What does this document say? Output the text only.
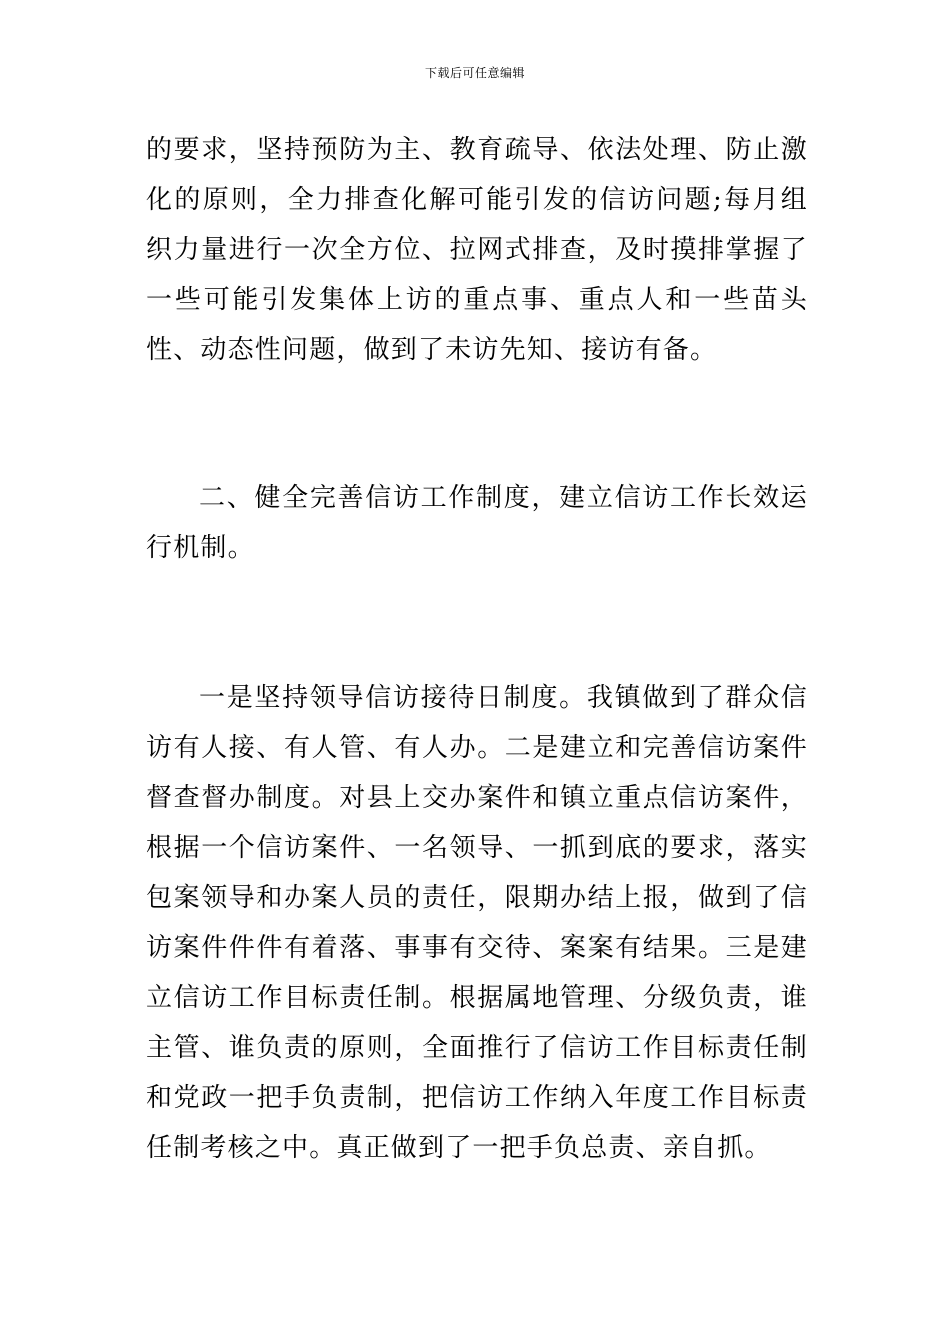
下载后可任意编辑

的要求，坚持预防为主、教育疏导、依法处理、防止激化的原则，全力排查化解可能引发的信访问题;每月组织力量进行一次全方位、拉网式排查，及时摸排掌握了一些可能引发集体上访的重点事、重点人和一些苗头性、动态性问题，做到了未访先知、接访有备。

二、健全完善信访工作制度，建立信访工作长效运行机制。

一是坚持领导信访接待日制度。我镇做到了群众信访有人接、有人管、有人办。二是建立和完善信访案件督查督办制度。对县上交办案件和镇立重点信访案件，根据一个信访案件、一名领导、一抓到底的要求，落实包案领导和办案人员的责任，限期办结上报，做到了信访案件件件有着落、事事有交待、案案有结果。三是建立信访工作目标责任制。根据属地管理、分级负责，谁主管、谁负责的原则，全面推行了信访工作目标责任制和党政一把手负责制，把信访工作纳入年度工作目标责任制考核之中。真正做到了一把手负总责、亲自抓。
